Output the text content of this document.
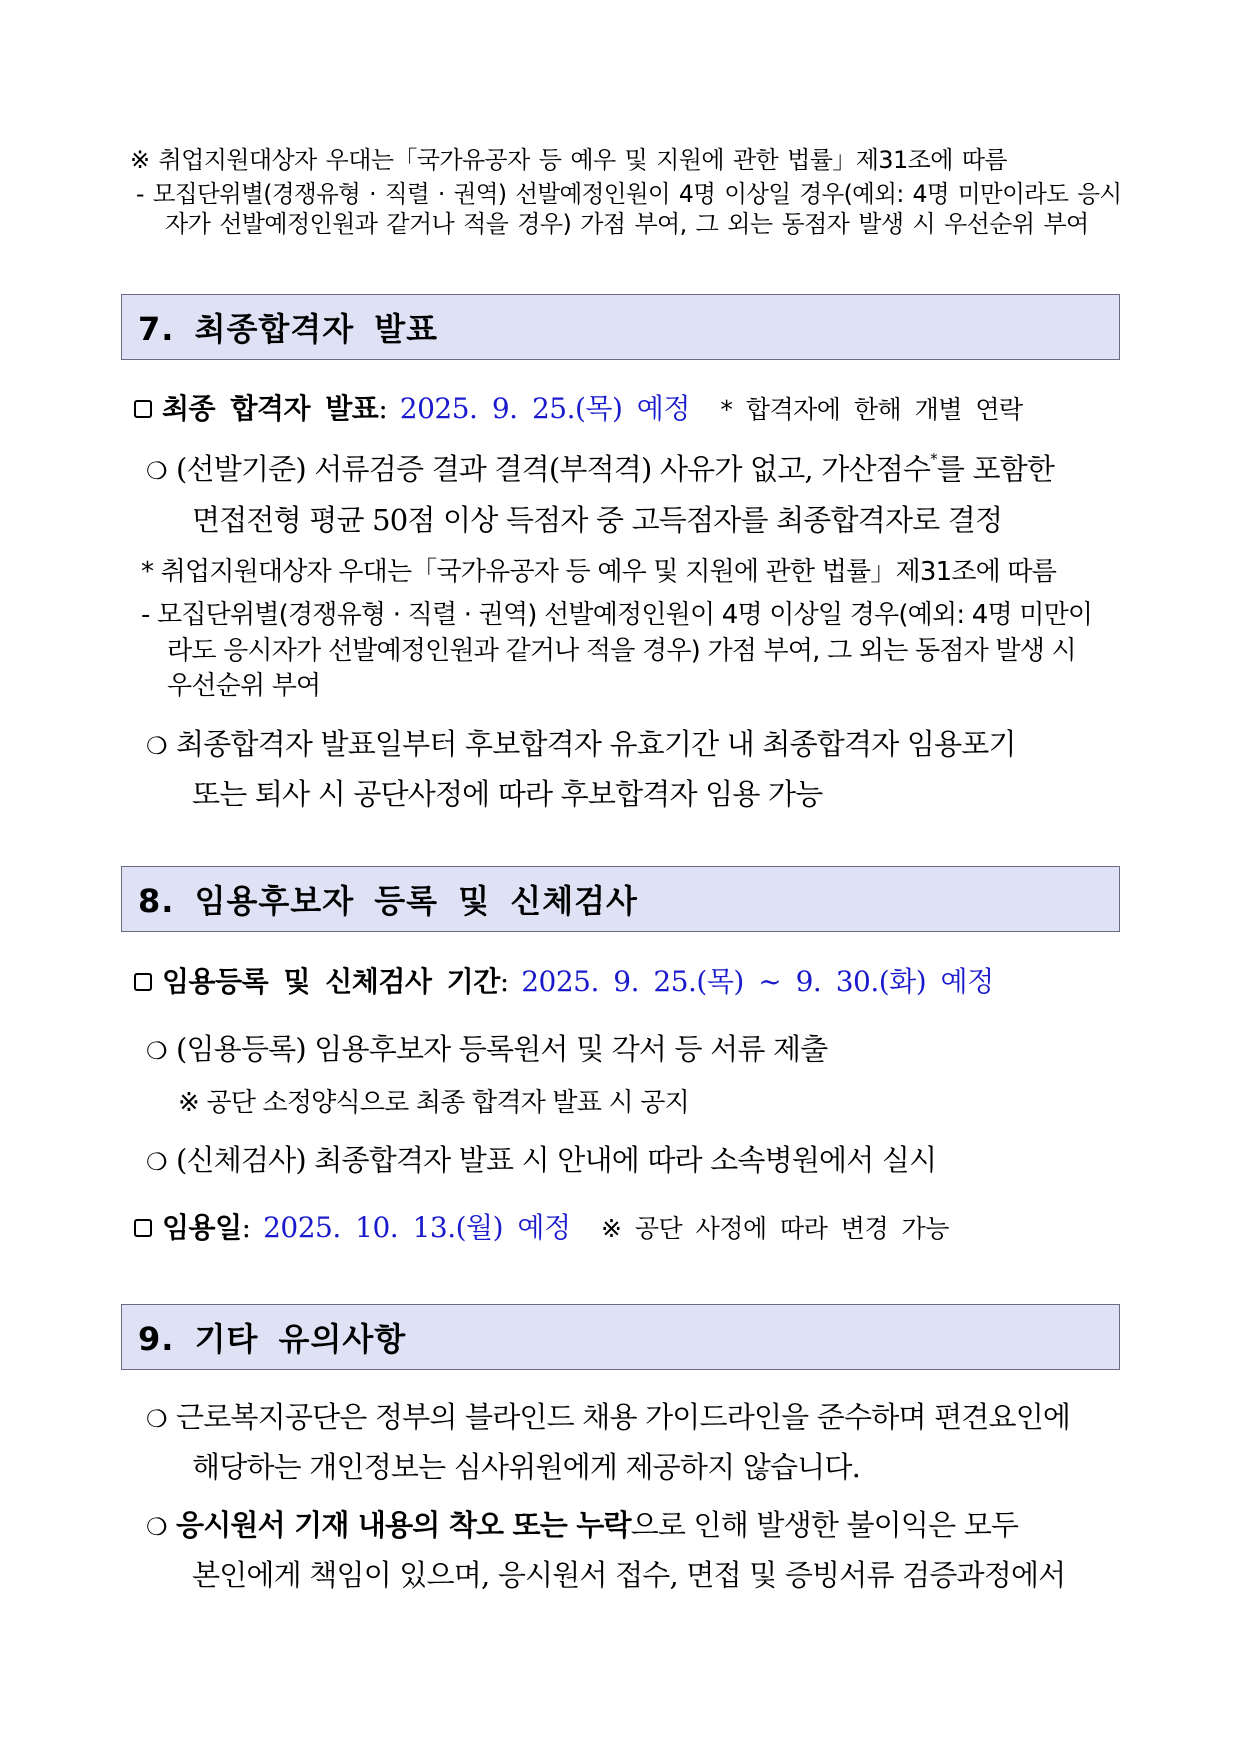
※ 취업지원대상자 우대는「국가유공자 등 예우 및 지원에 관한 법률」제31조에 따름
- 모집단위별(경쟁유형 · 직렬 · 권역) 선발예정인원이 4명 이상일 경우(예외: 4명 미만이라도 응시
자가 선발예정인원과 같거나 적을 경우) 가점 부여, 그 외는 동점자 발생 시 우선순위 부여
7. 최종합격자 발표
최종 합격자 발표: 2025. 9. 25.(목) 예정 * 합격자에 한해 개별 연락
❍ (선발기준) 서류검증 결과 결격(부적격) 사유가 없고, 가산점수*를 포함한
면접전형 평균 50점 이상 득점자 중 고득점자를 최종합격자로 결정
* 취업지원대상자 우대는「국가유공자 등 예우 및 지원에 관한 법률」제31조에 따름
- 모집단위별(경쟁유형 · 직렬 · 권역) 선발예정인원이 4명 이상일 경우(예외: 4명 미만이
라도 응시자가 선발예정인원과 같거나 적을 경우) 가점 부여, 그 외는 동점자 발생 시
우선순위 부여
❍ 최종합격자 발표일부터 후보합격자 유효기간 내 최종합격자 임용포기
또는 퇴사 시 공단사정에 따라 후보합격자 임용 가능
8. 임용후보자 등록 및 신체검사
임용등록 및 신체검사 기간: 2025. 9. 25.(목) ~ 9. 30.(화) 예정
❍ (임용등록) 임용후보자 등록원서 및 각서 등 서류 제출
※ 공단 소정양식으로 최종 합격자 발표 시 공지
❍ (신체검사) 최종합격자 발표 시 안내에 따라 소속병원에서 실시
임용일: 2025. 10. 13.(월) 예정 ※ 공단 사정에 따라 변경 가능
9. 기타 유의사항
❍ 근로복지공단은 정부의 블라인드 채용 가이드라인을 준수하며 편견요인에
해당하는 개인정보는 심사위원에게 제공하지 않습니다.
❍ 응시원서 기재 내용의 착오 또는 누락으로 인해 발생한 불이익은 모두
본인에게 책임이 있으며, 응시원서 접수, 면접 및 증빙서류 검증과정에서
